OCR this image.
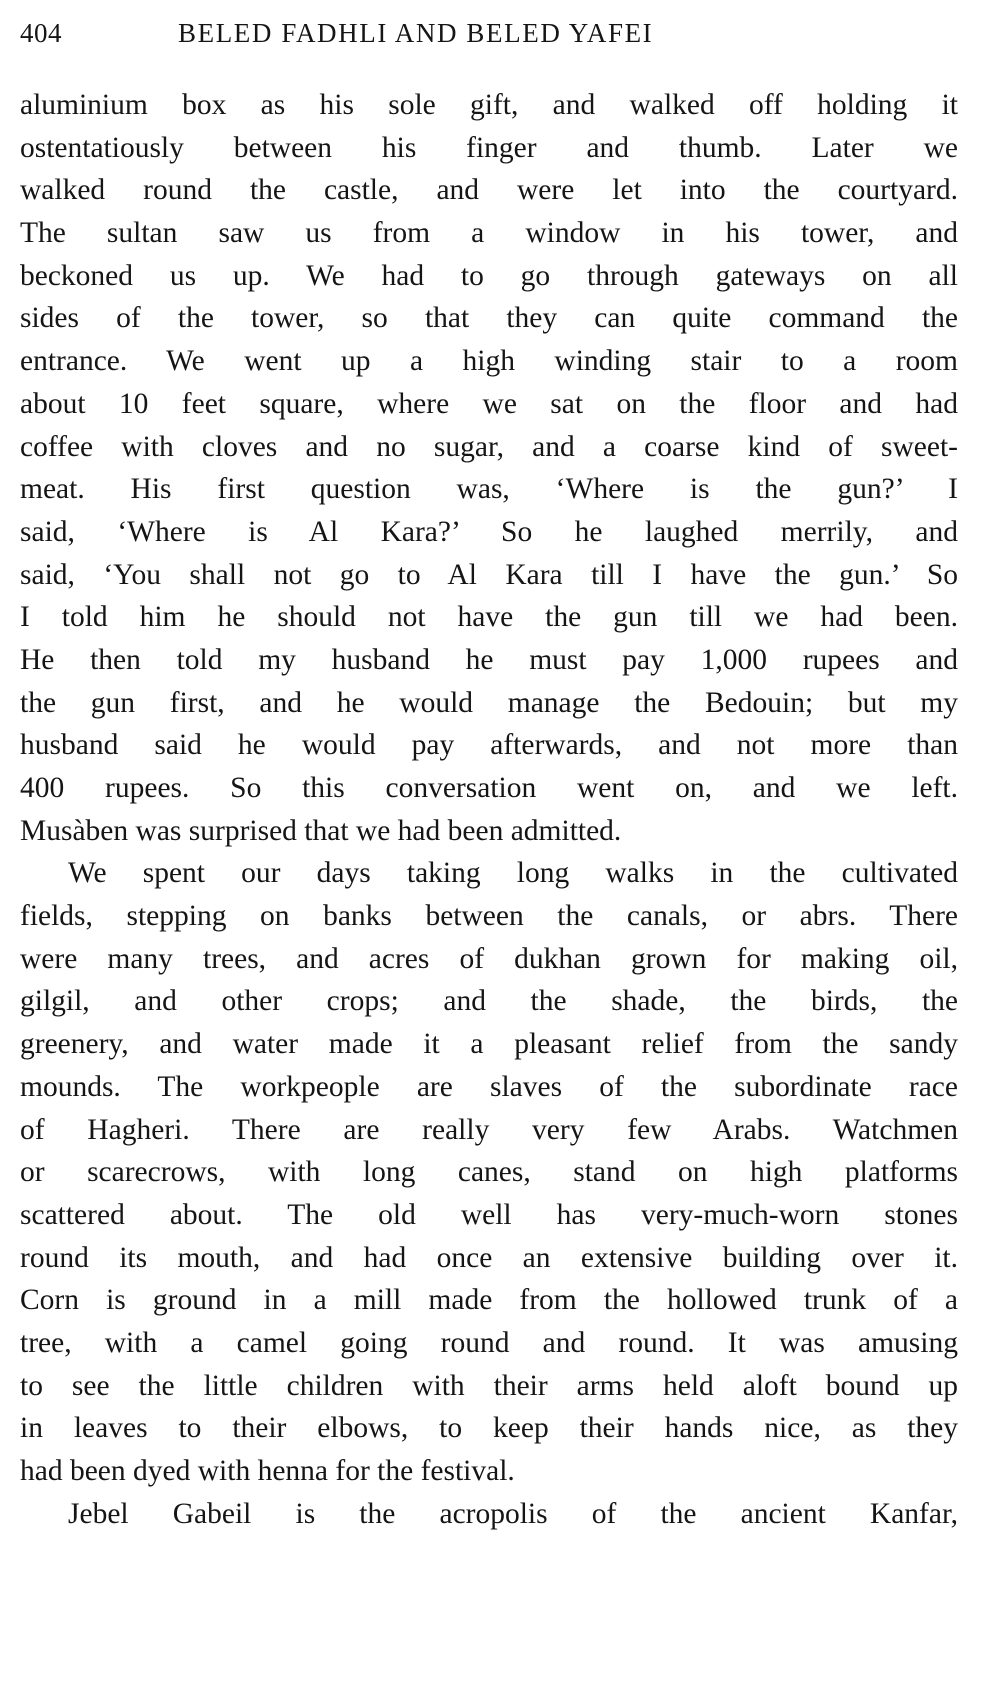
404	BELED FADHLI AND BELED YAFEI
aluminium box as his sole gift, and walked off holding it
ostentatiously between his finger and thumb. Later we
walked round the castle, and were let into the courtyard.
The sultan saw us from a window in his tower, and
beckoned us up. We had to go through gateways on all
sides of the tower, so that they can quite command the
entrance. We went up a high winding stair to a room
about 10 feet square, where we sat on the floor and had
coffee with cloves and no sugar, and a coarse kind of sweet-
meat. His first question was, ‘Where is the gun?’ I
said, ‘Where is Al Kara?’ So he laughed merrily, and
said, ‘You shall not go to Al Kara till I have the gun.’ So
I told him he should not have the gun till we had been.
He then told my husband he must pay 1,000 rupees and
the gun first, and he would manage the Bedouin; but my
husband said he would pay afterwards, and not more than
400 rupees. So this conversation went on, and we left.
Musàben was surprised that we had been admitted.
We spent our days taking long walks in the cultivated
fields, stepping on banks between the canals, or abrs. There
were many trees, and acres of dukhan grown for making oil,
gilgil, and other crops; and the shade, the birds, the
greenery, and water made it a pleasant relief from the sandy
mounds. The workpeople are slaves of the subordinate race
of Hagheri. There are really very few Arabs. Watchmen
or scarecrows, with long canes, stand on high platforms
scattered about. The old well has very-much-worn stones
round its mouth, and had once an extensive building over it.
Corn is ground in a mill made from the hollowed trunk of a
tree, with a camel going round and round. It was amusing
to see the little children with their arms held aloft bound up
in leaves to their elbows, to keep their hands nice, as they
had been dyed with henna for the festival.
Jebel Gabeil is the acropolis of the ancient Kanfar,
